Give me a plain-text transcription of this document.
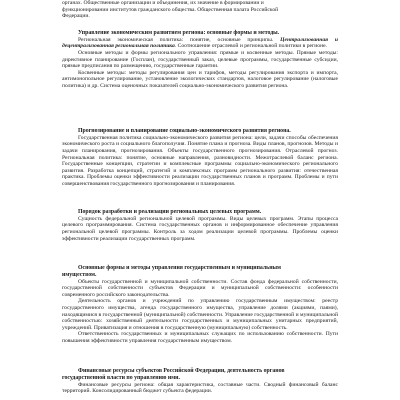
органах. Общественные организации и объединения, их значение в формировании и

функционировании институтов гражданского общества. Общественная палата Российской

Федерации.

Управление экономическим развитием региона: основные формы и методы.

Региональная экономическая политика: понятие, основные принципы. Централизованная и децентрализованная региональная политика. Соотношение отраслевой и региональной политики в регионе.

Основные методы и формы регионального управления: прямые и косвенные методы. Прямые методы: директивное планирование (Госплан), государственный заказ, целевые программы, государственные субсидии, прямые предписания по размещению, государственные гарантии.

Косвенные методы: методы регулирования цен и тарифов, методы регулирования экспорта и импорта, антимонопольное регулирование, установление экологических стандартов, налоговое регулирование (налоговые политика) и др. Система оценочных показателей социально-экономического развития региона.

Прогнозирование и планирование социально-экономического развития региона.

Государственная политика социально-экономического развития региона: цели, задачи способы обеспечения экономического роста и социального благополучия. Понятие плана и прогноза. Виды планов, прогнозов. Методы и задачи планирования, прогнозирования. Объекты государственного прогнозирования. Отраслевой прогноз. Региональная политика: понятие, основные направления, разновидности. Межотраслевой баланс региона. Государственные концепции, стратегии и комплексные программы социально-экономического регионального развития. Разработка концепций, стратегий и комплексных программ регионального развития: отечественная практика. Проблемы оценки эффективности реализации государственных планов и программ. Проблемы и пути совершенствования государственного прогнозирования и планирования.

Порядок разработки и реализации региональных целевых программ.

Сущность федеральной региональной целевой программы. Виды целевых программ. Этапы процесса целевого программирования. Система государственных органов и информированное обеспечение управления региональной целевой программы. Контроль за ходом реализации целевой программы. Проблемы оценки эффективности реализации государственных программ.

Основные формы и методы управления государственным и муниципальным

имуществом.

Объекты государственной и муниципальной собственности. Состав фонда федеральной собственности, государственной собственности субъектов Федерации и муниципальной собственности: особенности современного российского законодательства.

Деятельность органов и учреждений по управлению государственным имуществом: реестр государственного имущества, агенда государственного имущества, управление долями (акциями, паями), находящимися в государственной (муниципальной) собственности. Управление государственной и муниципальной собственностью: хозяйственный деятельности государственных и муниципальных унитарных предприятий, учреждений. Приватизация и отношения в государственную (муниципальную) собственность.

Ответственность государственных и муниципальных служащих по использованию собственности. Пути повышения эффективности управления государственным имуществом.

Финансовые ресурсы субъектов Российской Федерации, деятельность органов

государственной власти по управлению ими.

Финансовые ресурсы региона: общая характеристика, составные части. Сводный финансовый баланс территорий. Консолидированный бюджет субъекта федерации.
